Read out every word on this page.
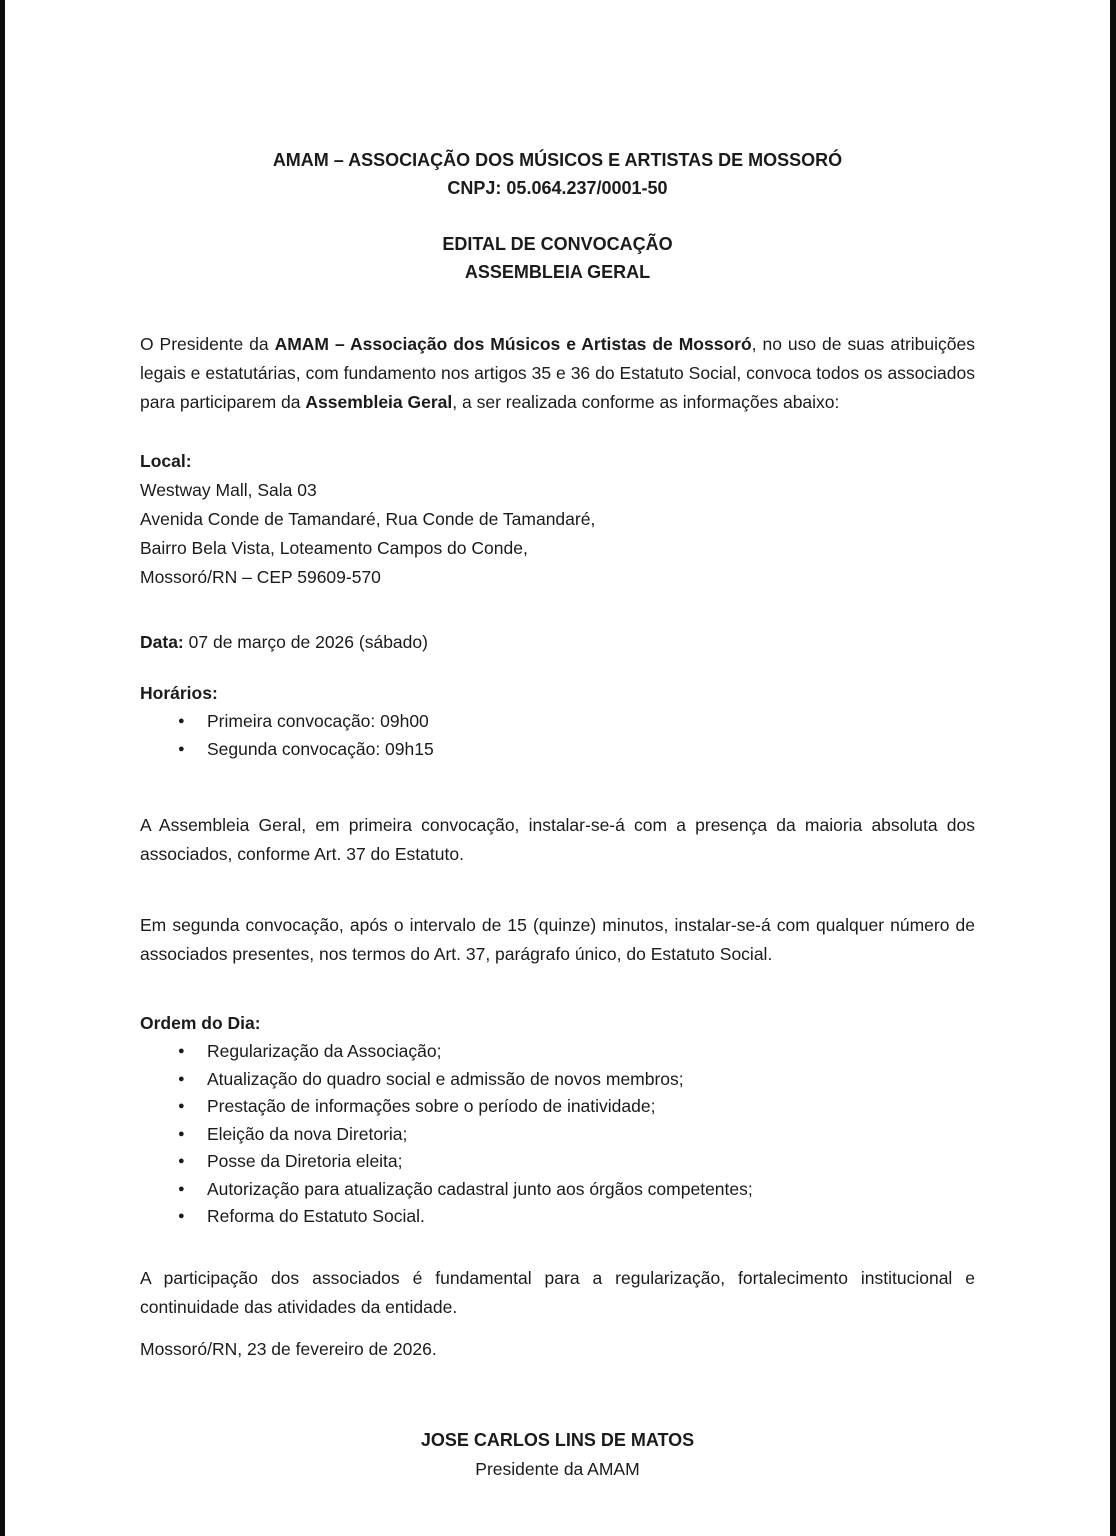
AMAM – ASSOCIAÇÃO DOS MÚSICOS E ARTISTAS DE MOSSORÓ
CNPJ: 05.064.237/0001-50
EDITAL DE CONVOCAÇÃO
ASSEMBLEIA GERAL

O Presidente da AMAM – Associação dos Músicos e Artistas de Mossoró, no uso de suas atribuições legais e estatutárias, com fundamento nos artigos 35 e 36 do Estatuto Social, convoca todos os associados para participarem da Assembleia Geral, a ser realizada conforme as informações abaixo:

Local:
Westway Mall, Sala 03
Avenida Conde de Tamandaré, Rua Conde de Tamandaré,
Bairro Bela Vista, Loteamento Campos do Conde,
Mossoró/RN – CEP 59609-570
Data: 07 de março de 2026 (sábado)
Horários:
●	Primeira convocação: 09h00
●	Segunda convocação: 09h15

A Assembleia Geral, em primeira convocação, instalar-se-á com a presença da maioria absoluta dos associados, conforme Art. 37 do Estatuto.

Em segunda convocação, após o intervalo de 15 (quinze) minutos, instalar-se-á com qualquer número de associados presentes, nos termos do Art. 37, parágrafo único, do Estatuto Social.

Ordem do Dia:
●	Regularização da Associação;
●	Atualização do quadro social e admissão de novos membros;
●	Prestação de informações sobre o período de inatividade;
●	Eleição da nova Diretoria;
●	Posse da Diretoria eleita;
●	Autorização para atualização cadastral junto aos órgãos competentes;
●	Reforma do Estatuto Social.

A participação dos associados é fundamental para a regularização, fortalecimento institucional e continuidade das atividades da entidade.

Mossoró/RN, 23 de fevereiro de 2026.

JOSE CARLOS LINS DE MATOS
Presidente da AMAM
